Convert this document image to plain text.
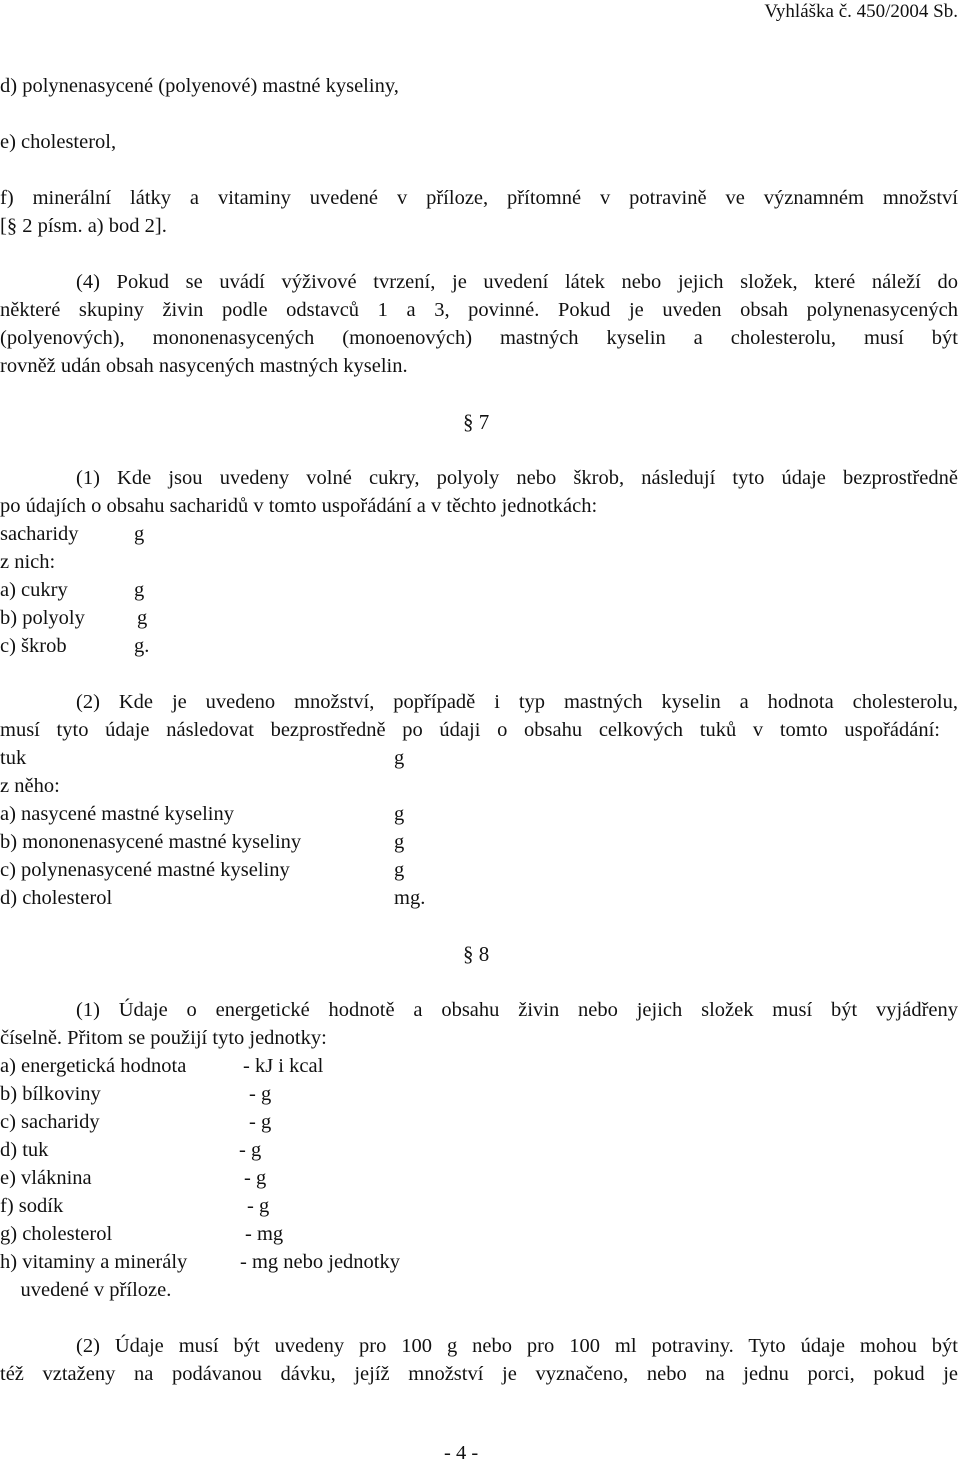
Vyhláška č. 450/2004 Sb.
d) polynenasycené (polyenové) mastné kyseliny,
e) cholesterol,
f) minerální látky a vitaminy uvedené v příloze, přítomné v potravině ve významném množství
[§ 2 písm. a) bod 2].
(4) Pokud se uvádí výživové tvrzení, je uvedení látek nebo jejich složek, které náleží do
některé skupiny živin podle odstavců 1 a 3, povinné. Pokud je uveden obsah polynenasycených
(polyenových), mononenasycených (monoenových) mastných kyselin a cholesterolu, musí být
rovněž udán obsah nasycených mastných kyselin.
§ 7
(1) Kde jsou uvedeny volné cukry, polyoly nebo škrob, následují tyto údaje bezprostředně
po údajích o obsahu sacharidů v tomto uspořádání a v těchto jednotkách:
sacharidy	g
z nich:
a) cukry	g
b) polyoly	g
c) škrob	g.
(2) Kde je uvedeno množství, popřípadě i typ mastných kyselin a hodnota cholesterolu,
musí tyto údaje následovat bezprostředně po údaji o obsahu celkových tuků v tomto uspořádání:
tuk	g
z něho:
a) nasycené mastné kyseliny	g
b) mononenasycené mastné kyseliny	g
c) polynenasycené mastné kyseliny	g
d) cholesterol	mg.
§ 8
(1) Údaje o energetické hodnotě a obsahu živin nebo jejich složek musí být vyjádřeny
číselně. Přitom se použijí tyto jednotky:
a) energetická hodnota	- kJ i kcal
b) bílkoviny	- g
c) sacharidy	- g
d) tuk	- g
e) vláknina	- g
f) sodík	- g
g) cholesterol	- mg
h) vitaminy a minerály	- mg nebo jednotky
uvedené v příloze.
(2) Údaje musí být uvedeny pro 100 g nebo pro 100 ml potraviny. Tyto údaje mohou být
též vztaženy na podávanou dávku, jejíž množství je vyznačeno, nebo na jednu porci, pokud je
- 4 -
